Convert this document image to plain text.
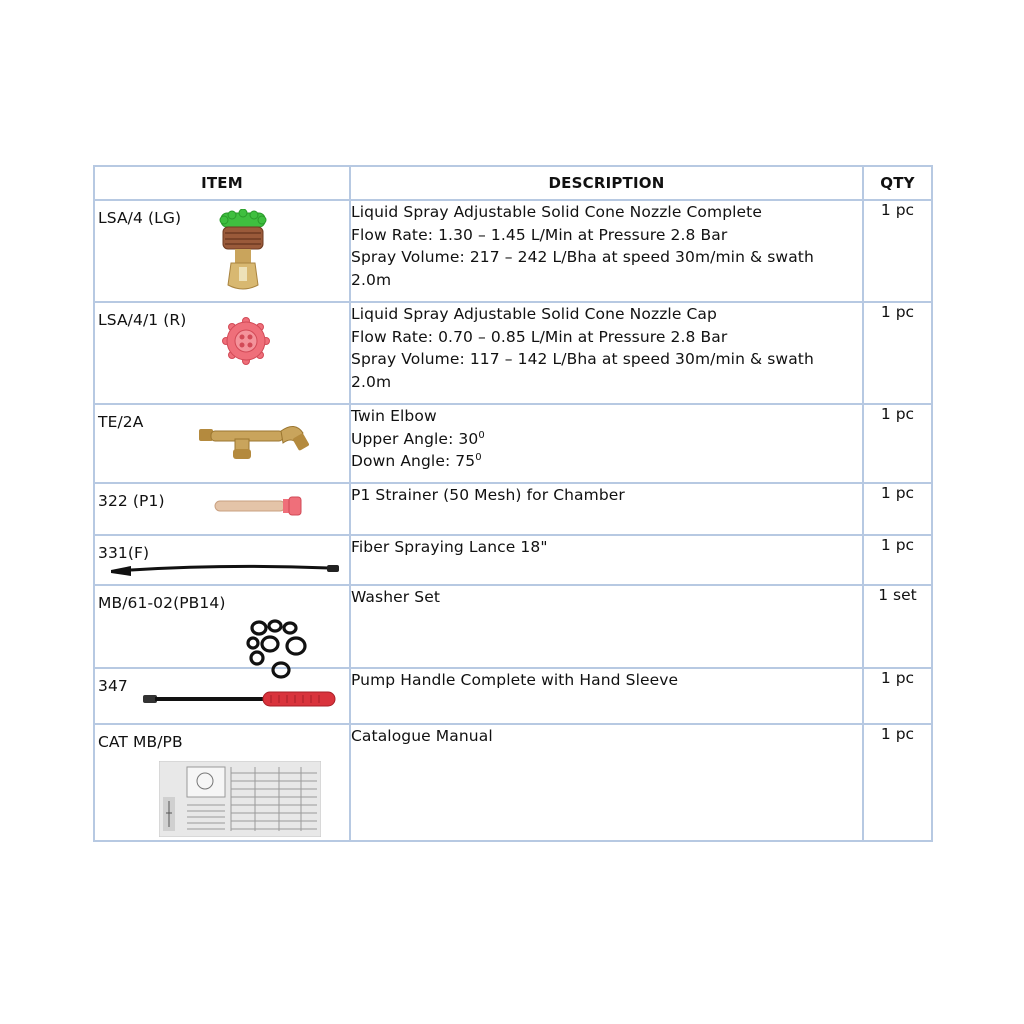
ITEM	DESCRIPTION	QTY

LSA/4 (LG)	Liquid Spray Adjustable Solid Cone Nozzle Complete
Flow Rate: 1.30 – 1.45 L/Min at Pressure 2.8 Bar
Spray Volume: 217 – 242 L/Bha at speed 30m/min & swath
2.0m	1 pc

LSA/4/1 (R)	Liquid Spray Adjustable Solid Cone Nozzle Cap
Flow Rate: 0.70 – 0.85 L/Min at Pressure 2.8 Bar
Spray Volume: 117 – 142 L/Bha at speed 30m/min & swath
2.0m	1 pc

TE/2A	Twin Elbow
Upper Angle: $30^0$
Down Angle: $75^0$	1 pc

322 (P1)	P1 Strainer (50 Mesh) for Chamber	1 pc

331(F)	Fiber Spraying Lance 18"	1 pc

MB/61-02(PB14)	Washer Set	1 set

347	Pump Handle Complete with Hand Sleeve	1 pc

CAT MB/PB	Catalogue Manual	1 pc
